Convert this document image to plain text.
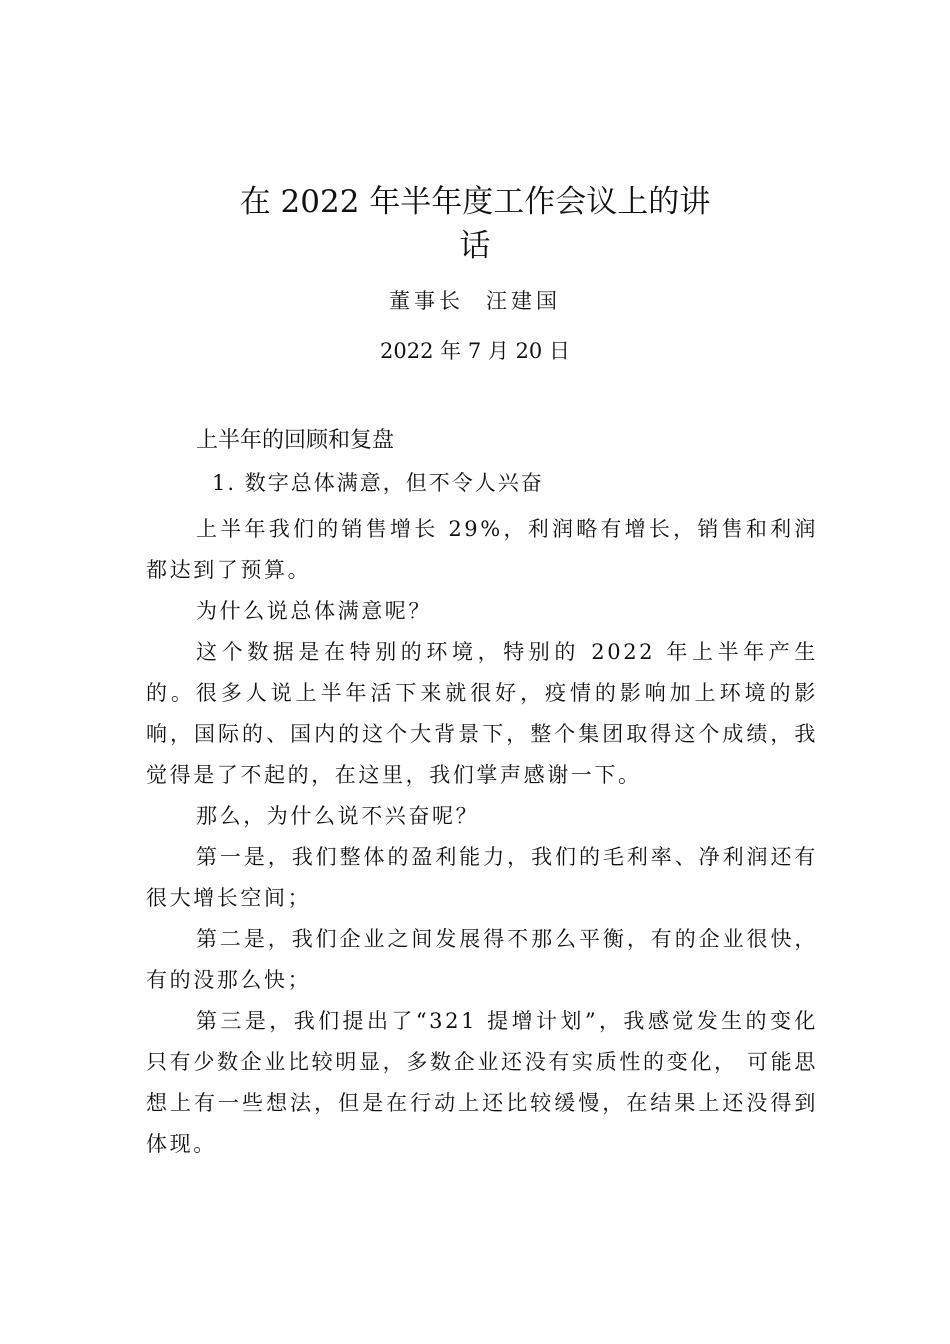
在 2022 年半年度工作会议上的讲
话
董事长 汪建国
2022 年 7 月 20 日
上半年的回顾和复盘
1. 数字总体满意，但不令人兴奋

上半年我们的销售增长 29%，利润略有增长，销售和利润都达到了预算。

为什么说总体满意呢？

这个数据是在特别的环境，特别的 2022 年上半年产生的。很多人说上半年活下来就很好，疫情的影响加上环境的影响，国际的、国内的这个大背景下，整个集团取得这个成绩，我觉得是了不起的，在这里，我们掌声感谢一下。

那么，为什么说不兴奋呢？

第一是，我们整体的盈利能力，我们的毛利率、净利润还有很大增长空间；

第二是，我们企业之间发展得不那么平衡，有的企业很快，有的没那么快；

第三是，我们提出了“321 提增计划”，我感觉发生的变化只有少数企业比较明显，多数企业还没有实质性的变化， 可能思想上有一些想法，但是在行动上还比较缓慢，在结果上还没得到体现。
